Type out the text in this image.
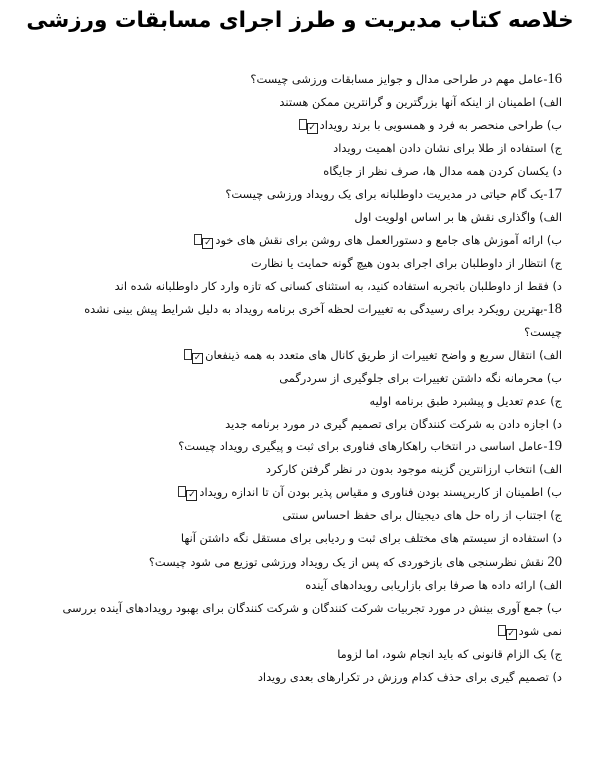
خلاصه کتاب مدیریت و طرز اجرای مسابقات ورزشی
16-عامل مهم در طراحی مدال و جوایز مسابقات ورزشی چیست؟
الف) اطمینان از اینکه آنها بزرگترین و گرانترین ممکن هستند
ب) طراحی منحصر به فرد و همسویی با برند رویداد✓
ج) استفاده از طلا برای نشان دادن اهمیت رویداد
د) یکسان کردن همه مدال ها، صرف نظر از جایگاه
17-یک گام حیاتی در مدیریت داوطلبانه برای یک رویداد ورزشی چیست؟
الف) واگذاری نقش ها بر اساس اولویت اول
ب) ارائه آموزش های جامع و دستورالعمل های روشن برای نقش های خود✓
ج) انتظار از داوطلبان برای اجرای بدون هیچ گونه حمایت یا نظارت
د) فقط از داوطلبان باتجربه استفاده کنید، به استثنای کسانی که تازه وارد کار داوطلبانه شده اند
18-بهترین رویکرد برای رسیدگی به تغییرات لحظه آخری برنامه رویداد به دلیل شرایط پیش بینی نشده
چیست؟
الف) انتقال سریع و واضح تغییرات از طریق کانال های متعدد به همه ذینفعان✓
ب) محرمانه نگه داشتن تغییرات برای جلوگیری از سردرگمی
ج) عدم تعدیل و پیشبرد طبق برنامه اولیه
د) اجازه دادن به شرکت کنندگان برای تصمیم گیری در مورد برنامه جدید
19-عامل اساسی در انتخاب راهکارهای فناوری برای ثبت و پیگیری رویداد چیست؟
الف) انتخاب ارزانترین گزینه موجود بدون در نظر گرفتن کارکرد
ب) اطمینان از کاربرپسند بودن فناوری و مقیاس پذیر بودن آن تا اندازه رویداد✓
ج) اجتناب از راه حل های دیجیتال برای حفظ احساس سنتی
د) استفاده از سیستم های مختلف برای ثبت و ردیابی برای مستقل نگه داشتن آنها
20 نقش نظرسنجی های بازخوردی که پس از یک رویداد ورزشی توزیع می شود چیست؟
الف) ارائه داده ها صرفا برای بازاریابی رویدادهای آینده
ب) جمع آوری بینش در مورد تجربیات شرکت کنندگان و شرکت کنندگان برای بهبود رویدادهای آینده بررسی
نمی شود✓
ج) یک الزام قانونی که باید انجام شود، اما لزوما
د) تصمیم گیری برای حذف کدام ورزش در تکرارهای بعدی رویداد
